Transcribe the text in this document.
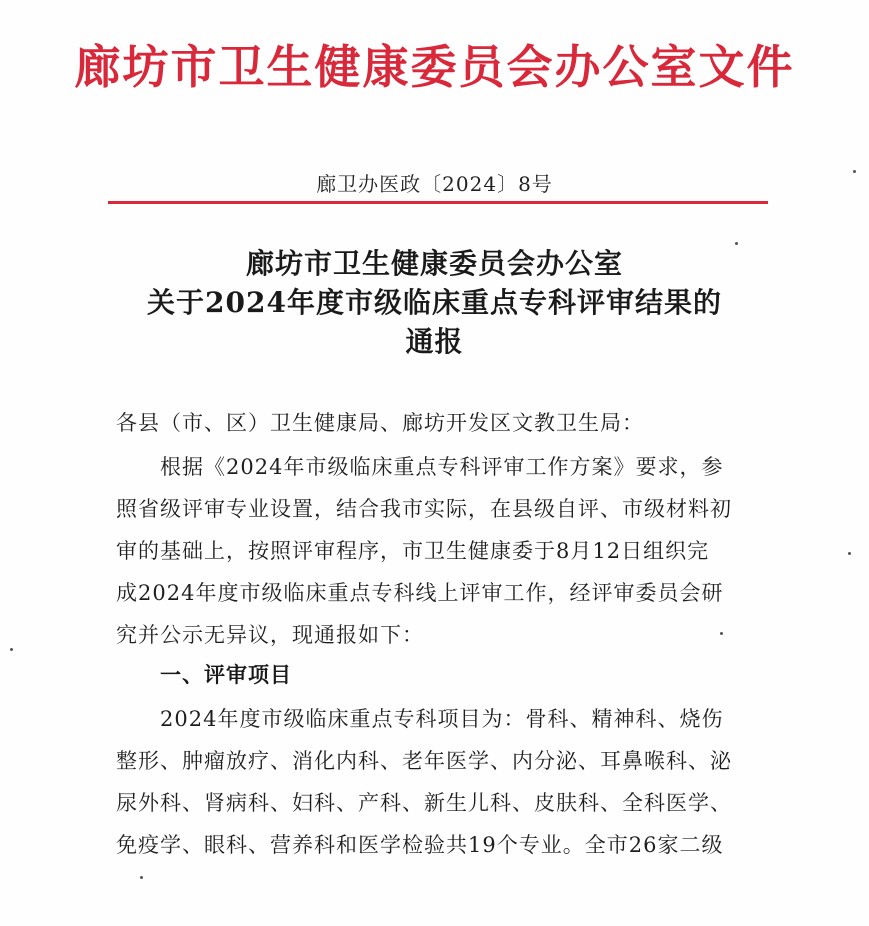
廊坊市卫生健康委员会办公室文件
廊卫办医政〔2024〕8号
廊坊市卫生健康委员会办公室
关于2024年度市级临床重点专科评审结果的
通报
各县（市、区）卫生健康局、廊坊开发区文教卫生局：
根据《2024年市级临床重点专科评审工作方案》要求，参
照省级评审专业设置，结合我市实际，在县级自评、市级材料初
审的基础上，按照评审程序，市卫生健康委于8月12日组织完
成2024年度市级临床重点专科线上评审工作，经评审委员会研
究并公示无异议，现通报如下：
一、评审项目
2024年度市级临床重点专科项目为：骨科、精神科、烧伤
整形、肿瘤放疗、消化内科、老年医学、内分泌、耳鼻喉科、泌
尿外科、肾病科、妇科、产科、新生儿科、皮肤科、全科医学、
免疫学、眼科、营养科和医学检验共19个专业。全市26家二级
